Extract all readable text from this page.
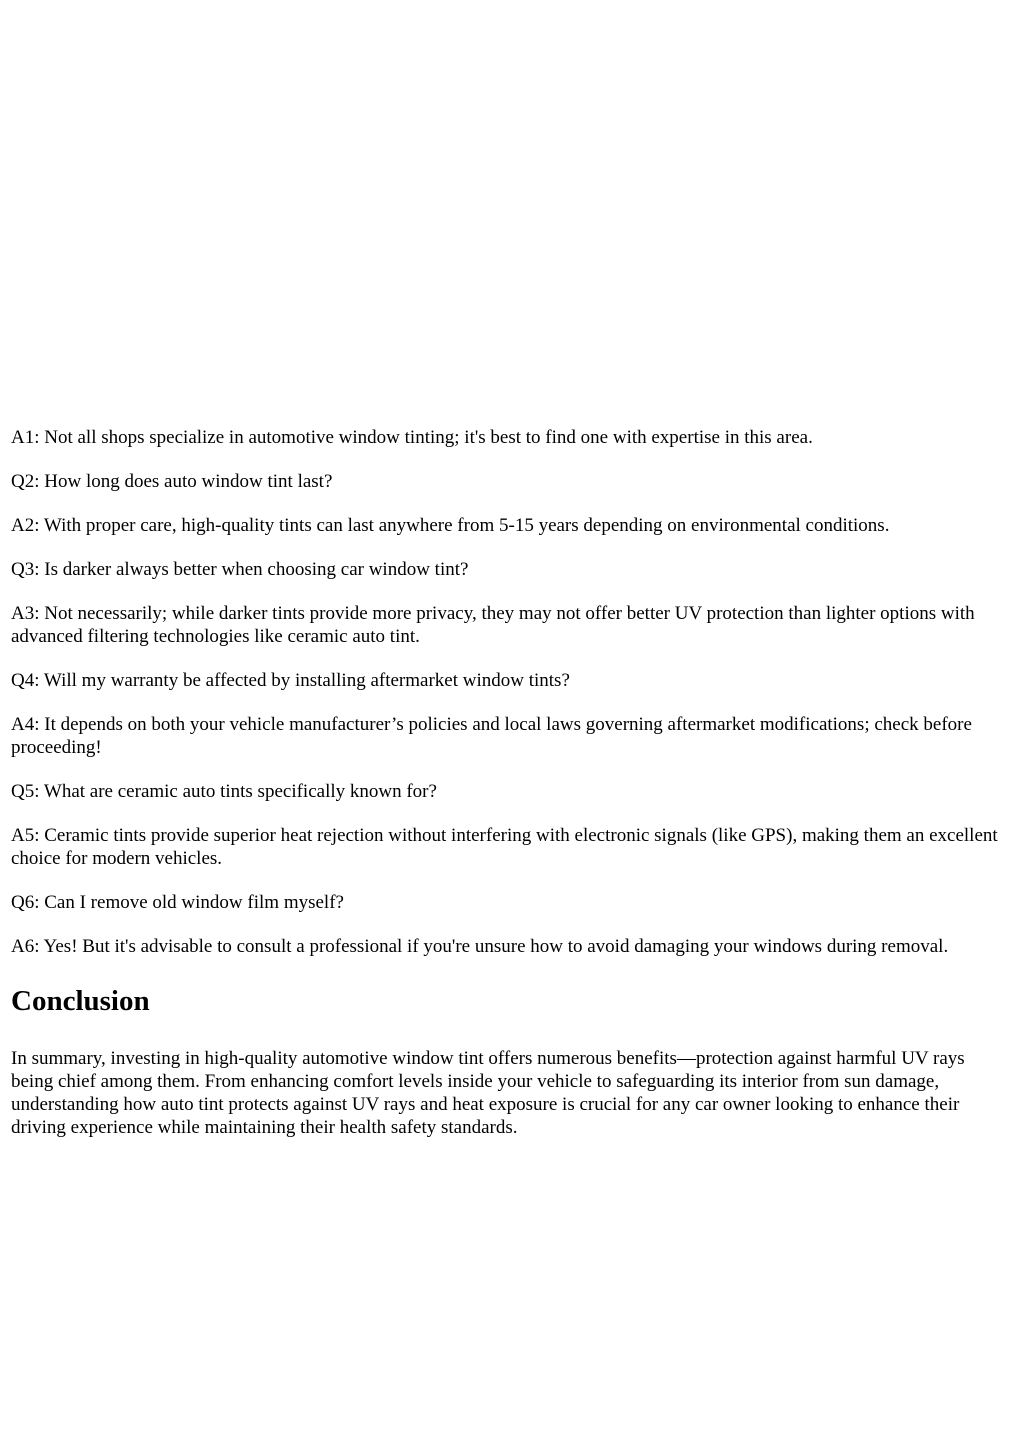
A1: Not all shops specialize in automotive window tinting; it's best to find one with expertise in this area.

Q2: How long does auto window tint last?

A2: With proper care, high-quality tints can last anywhere from 5-15 years depending on environmental conditions.

Q3: Is darker always better when choosing car window tint?

A3: Not necessarily; while darker tints provide more privacy, they may not offer better UV protection than lighter options with advanced filtering technologies like ceramic auto tint.

Q4: Will my warranty be affected by installing aftermarket window tints?

A4: It depends on both your vehicle manufacturer’s policies and local laws governing aftermarket modifications; check before proceeding!

Q5: What are ceramic auto tints specifically known for?

A5: Ceramic tints provide superior heat rejection without interfering with electronic signals (like GPS), making them an excellent choice for modern vehicles.

Q6: Can I remove old window film myself?

A6: Yes! But it's advisable to consult a professional if you're unsure how to avoid damaging your windows during removal.

Conclusion

In summary, investing in high-quality automotive window tint offers numerous benefits—protection against harmful UV rays being chief among them. From enhancing comfort levels inside your vehicle to safeguarding its interior from sun damage, understanding how auto tint protects against UV rays and heat exposure is crucial for any car owner looking to enhance their driving experience while maintaining their health safety standards.
